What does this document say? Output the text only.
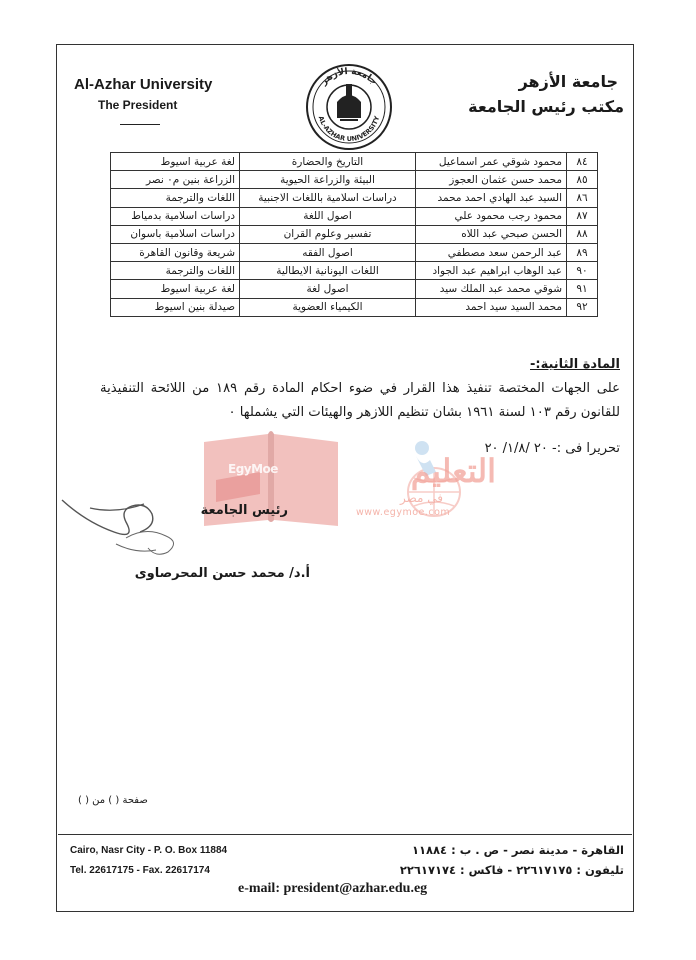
Al-Azhar University
The President
جامعة الأزهر
مكتب رئيس الجامعة
جامعة الأزهر
AL-AZHAR UNIVERSITY
٨٤	محمود شوقي عمر اسماعيل	التاريخ والحضارة	لغة عربية اسيوط
٨٥	محمد حسن عثمان العجوز	البيئة والزراعة الحيوية	الزراعة بنين م٠ نصر
٨٦	السيد عبد الهادي احمد محمد	دراسات اسلامية باللغات الاجنبية	اللغات والترجمة
٨٧	محمود رجب محمود علي	اصول اللغة	دراسات اسلامية بدمياط
٨٨	الحسن صبحي عبد اللاه	تفسير وعلوم القران	دراسات اسلامية باسوان
٨٩	عبد الرحمن سعد مصطفي	اصول الفقه	شريعة وقانون القاهرة
٩٠	عبد الوهاب ابراهيم عبد الجواد	اللغات اليونانية الايطالية	اللغات والترجمة
٩١	شوقي محمد عبد الملك سيد	اصول لغة	لغة عربية اسيوط
٩٢	محمد السيد سيد احمد	الكيمياء العضوية	صيدلة بنين اسيوط
المادة الثانية:-
على الجهات المختصة تنفيذ هذا القرار في ضوء احكام المادة رقم ١٨٩ من اللائحة التنفيذية للقانون رقم ١٠٣ لسنة ١٩٦١ بشان تنظيم اللازهر والهيئات التي يشملها ٠
تحريرا فى :- ٢٠ /١/٨/ ٢٠
EgyMoe	التعليم
في مصر
www.egymoe.com
رئيس الجامعة
أ.د/ محمد حسن المحرصاوى
صفحة ( ) من ( )
Cairo, Nasr City - P. O. Box 11884
Tel. 22617175 - Fax. 22617174
القاهرة - مدينة نصر - ص . ب : ١١٨٨٤
تليفون : ٢٢٦١٧١٧٥ - فاكس : ٢٢٦١٧١٧٤
e-mail: president@azhar.edu.eg
